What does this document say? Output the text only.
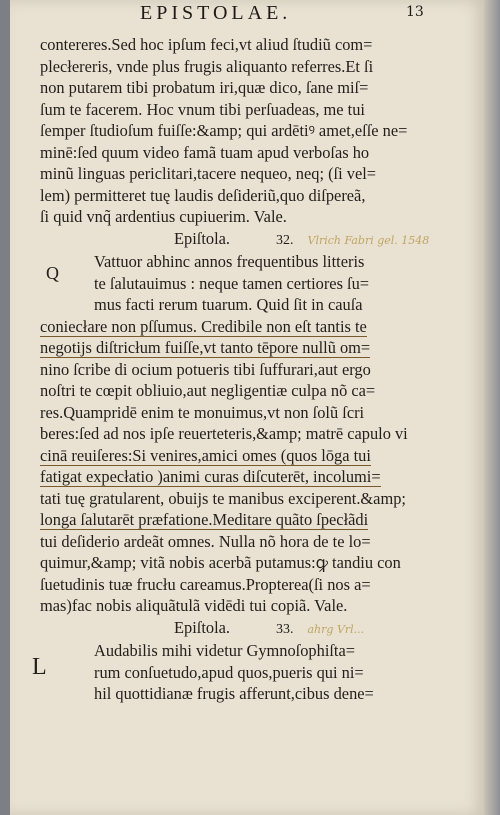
EPISTOLAE.	13
contereres.Sed hoc ipſum feci,vt aliud ſtudiũ com=
plecłereris, vnde plus frugis aliquanto referres.Et ſi
non putarem tibi probatum iri,quæ dico, ſane miſ=
ſum te facerem. Hoc vnum tibi perſuadeas, me tui
ſemper ſtudioſum fuiſſe:&amp; qui ardētiꝰ amet,eſſe ne=
minē:ſed quum video famã tuam apud verboſas ho
minũ linguas periclitari,tacere nequeo, neq; (ſi vel=
lem) permitteret tuę laudis deſideriũ,quo diſpereã,
ſi quid vnq̃ ardentius cupiuerim. Vale.
Epiſtola.	32. Vlrich Fabri gel. 1548
Q
Vattuor abhinc annos frequentibus litteris
te ſalutauimus : neque tamen certiores ſu=
mus facti rerum tuarum. Quid ſit in cauſa
coniecłare non pſſumus. Credibile non eſt tantis te
negotijs diſtricłum fuiſſe,vt tanto tēpore nullũ om=
nino ſcribe di ocium potueris tibi ſuffurari,aut ergo
noſtri te cœpit obliuio,aut negligentiæ culpa nõ ca=
res.Quampridē enim te monuimus,vt non ſolũ ſcri
beres:ſed ad nos ipſe reuerteteris,&amp; matrē capulo vi
cinā reuiſeres:Si venires,amici omes (quos lōga tui
fatigat expecłatio )animi curas diſcuterēt, incolumi=
tati tuę gratularent, obuijs te manibus exciperent.&amp;
longa ſalutarēt præfatione.Meditare quãto ſpecłãdi
tui deſiderio ardeãt omnes. Nulla nõ hora de te lo=
quimur,&amp; vitã nobis acerbã putamus:ꝙ tandiu con
ſuetudinis tuæ frucłu careamus.Propterea(ſi nos a=
mas)fac nobis aliquãtulã vidēdi tui copiã. Vale.
Epiſtola.	33. ahrg Vrl...
L
Audabilis mihi videtur Gymnoſophiſta=
rum conſuetudo,apud quos,pueris qui ni=
hil quottidianæ frugis afferunt,cibus dene=
